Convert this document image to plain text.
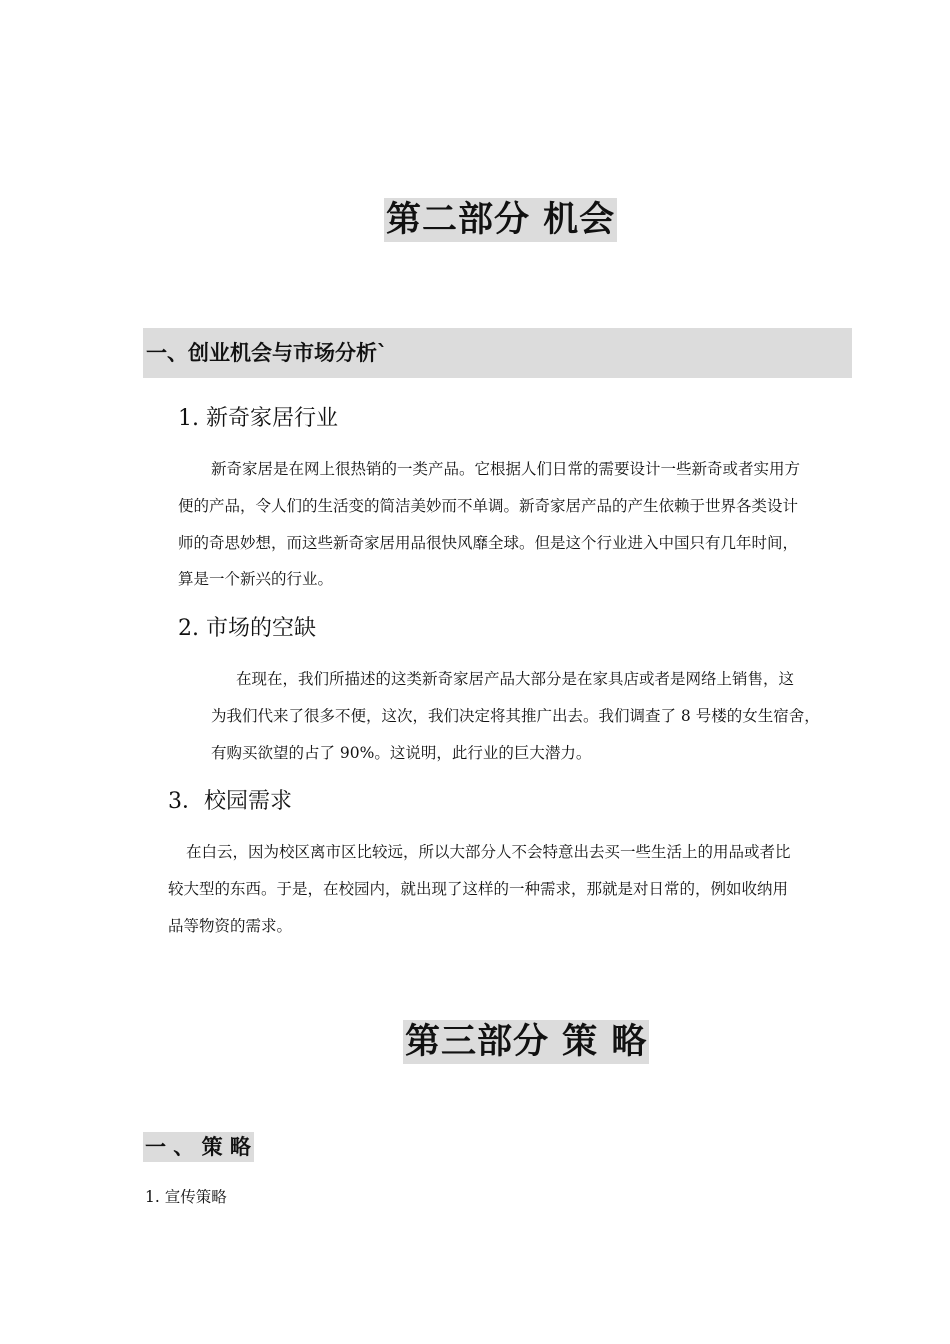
第二部分 机会
一、创业机会与市场分析`
1. 新奇家居行业
新奇家居是在网上很热销的一类产品。它根据人们日常的需要设计一些新奇或者实用方
便的产品，令人们的生活变的简洁美妙而不单调。新奇家居产品的产生依赖于世界各类设计
师的奇思妙想，而这些新奇家居用品很快风靡全球。但是这个行业进入中国只有几年时间，
算是一个新兴的行业。
2. 市场的空缺
在现在，我们所描述的这类新奇家居产品大部分是在家具店或者是网络上销售，这
为我们代来了很多不便，这次，我们决定将其推广出去。我们调查了 8 号楼的女生宿舍，
有购买欲望的占了 90%。这说明，此行业的巨大潜力。
3．校园需求
在白云，因为校区离市区比较远，所以大部分人不会特意出去买一些生活上的用品或者比
较大型的东西。于是，在校园内，就出现了这样的一种需求，那就是对日常的，例如收纳用
品等物资的需求。
第三部分 策 略
一 、 策 略
1. 宣传策略
